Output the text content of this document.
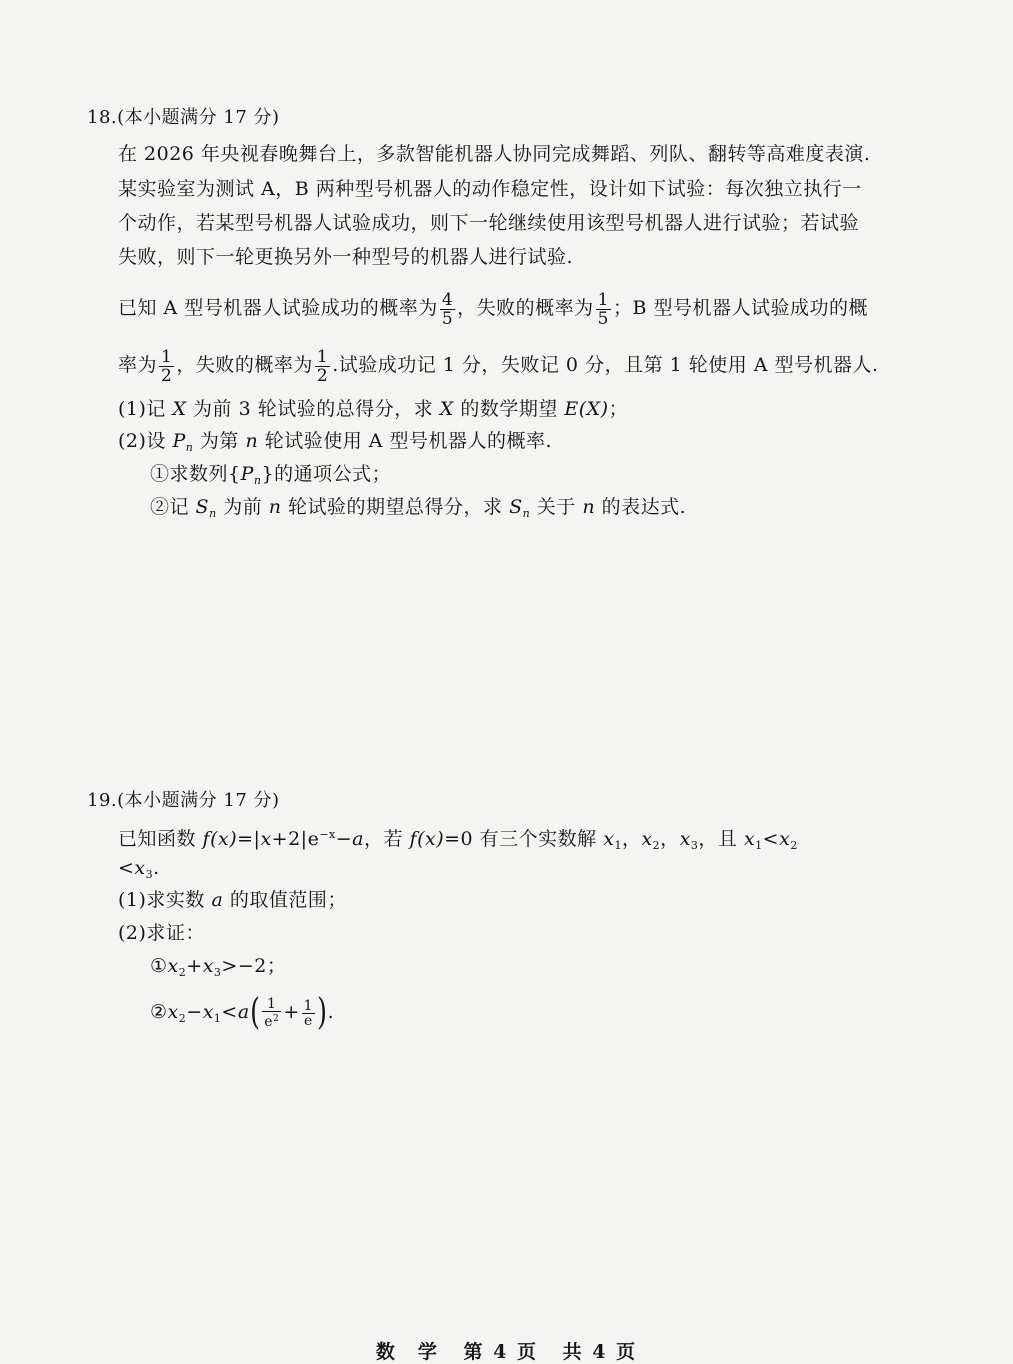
18.(本小题满分 17 分)
在 2026 年央视春晚舞台上，多款智能机器人协同完成舞蹈、列队、翻转等高难度表演.
某实验室为测试 A，B 两种型号机器人的动作稳定性，设计如下试验：每次独立执行一
个动作，若某型号机器人试验成功，则下一轮继续使用该型号机器人进行试验；若试验
失败，则下一轮更换另外一种型号的机器人进行试验.
已知 A 型号机器人试验成功的概率为 $\frac{4}{5}$ ，失败的概率为 $\frac{1}{5}$ ；B 型号机器人试验成功的概
率为 $\frac{1}{2}$ ，失败的概率为 $\frac{1}{2}$ .试验成功记 1 分，失败记 0 分，且第 1 轮使用 A 型号机器人.
(1)记 X 为前 3 轮试验的总得分，求 X 的数学期望 E(X)；
(2)设 $P_n$ 为第 n 轮试验使用 A 型号机器人的概率.
①求数列$\{P_n\}$的通项公式；
②记 $S_n$ 为前 n 轮试验的期望总得分，求 $S_n$ 关于 n 的表达式.
19.(本小题满分 17 分)
已知函数 $f(x)=|x+2|e^{-x}-a$，若 f(x)=0 有三个实数解 $x_1$，$x_2$，$x_3$，且 $x_1<x_2$
$<x_3$.
(1)求实数 a 的取值范围；
(2)求证：
$①x_2+x_3>-2$；
$②x_2-x_1<a( \frac{1}{e^2} + \frac{1}{e}$ ).
数　学 第 4 页 共 4 页
